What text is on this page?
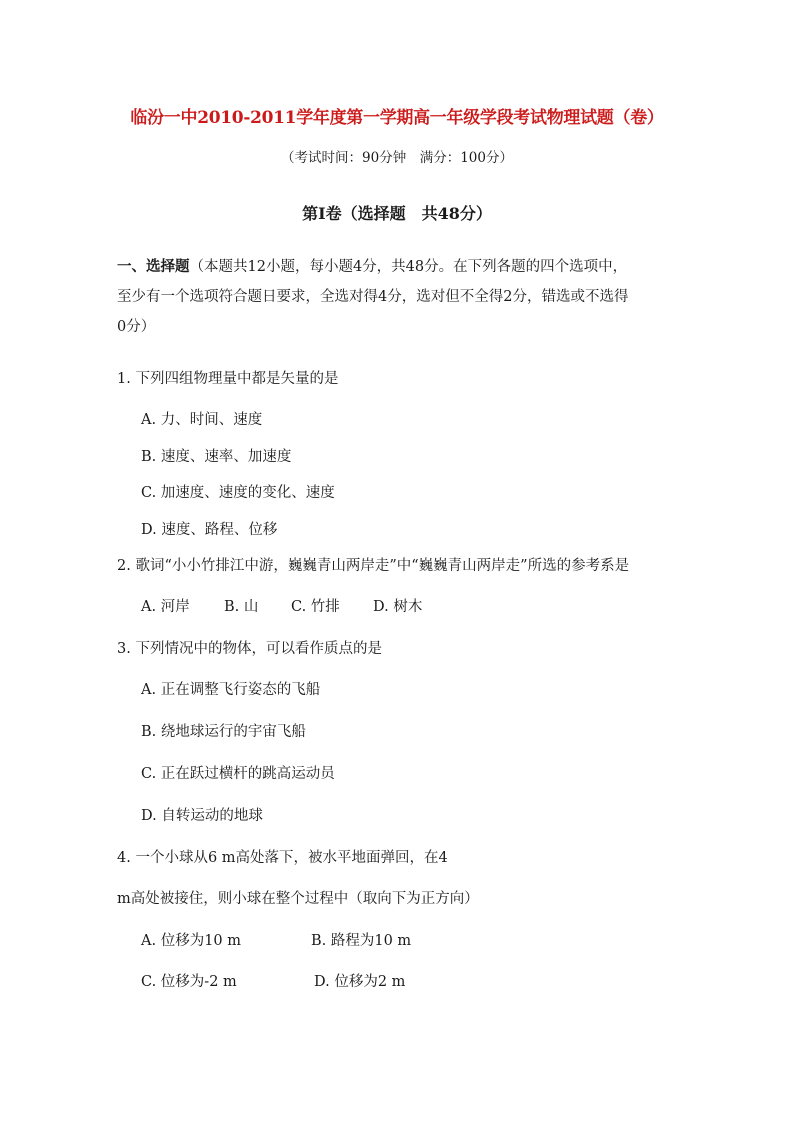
临汾一中2010-2011学年度第一学期高一年级学段考试物理试题（卷）
（考试时间：90分钟　满分：100分）
第I卷（选择题　共48分）
一、选择题（本题共12小题，每小题4分，共48分。在下列各题的四个选项中，
至少有一个选项符合题日要求，全选对得4分，选对但不全得2分，错选或不选得
0分）
1. 下列四组物理量中都是矢量的是
A. 力、时间、速度
B. 速度、速率、加速度
C. 加速度、速度的变化、速度
D. 速度、路程、位移
2. 歌词“小小竹排江中游，巍巍青山两岸走”中“巍巍青山两岸走”所选的参考系是
A. 河岸 B. 山 C. 竹排 D. 树木
3. 下列情况中的物体，可以看作质点的是
A. 正在调整飞行姿态的飞船
B. 绕地球运行的宇宙飞船
C. 正在跃过横杆的跳高运动员
D. 自转运动的地球
4. 一个小球从6 m高处落下，被水平地面弹回，在4
m高处被接住，则小球在整个过程中（取向下为正方向）
A. 位移为10 m	B. 路程为10 m
C. 位移为-2 m	D. 位移为2 m
